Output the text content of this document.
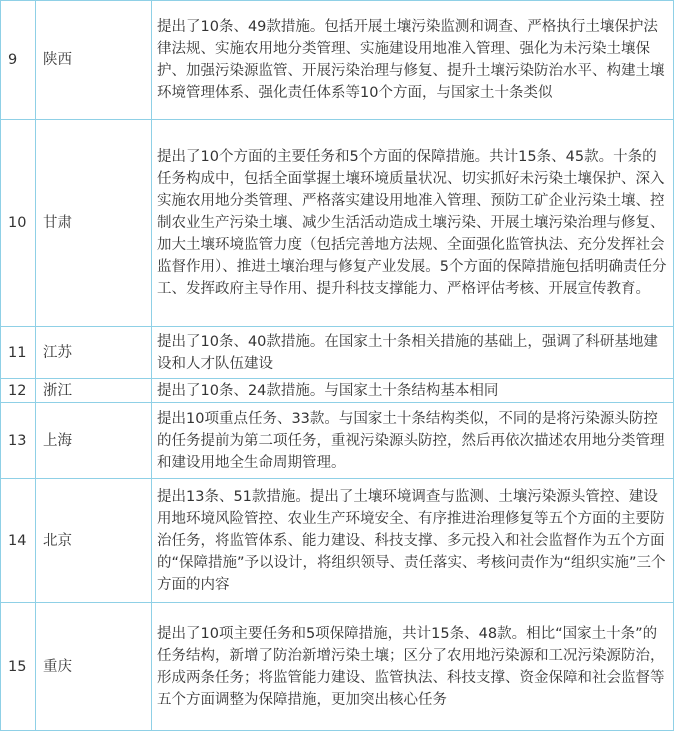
9	陕西	提出了10条、49款措施。包括开展土壤污染监测和调查、严格执行土壤保护法律法规、实施农用地分类管理、实施建设用地准入管理、强化为未污染土壤保护、加强污染源监管、开展污染治理与修复、提升土壤污染防治水平、构建土壤环境管理体系、强化责任体系等10个方面，与国家土十条类似
10	甘肃	提出了10个方面的主要任务和5个方面的保障措施。共计15条、45款。十条的任务构成中，包括全面掌握土壤环境质量状况、切实抓好未污染土壤保护、深入实施农用地分类管理、严格落实建设用地准入管理、预防工矿企业污染土壤、控制农业生产污染土壤、减少生活活动造成土壤污染、开展土壤污染治理与修复、加大土壤环境监管力度（包括完善地方法规、全面强化监管执法、充分发挥社会监督作用）、推进土壤治理与修复产业发展。5个方面的保障措施包括明确责任分工、发挥政府主导作用、提升科技支撑能力、严格评估考核、开展宣传教育。
11	江苏	提出了10条、40款措施。在国家土十条相关措施的基础上，强调了科研基地建设和人才队伍建设
12	浙江	提出了10条、24款措施。与国家土十条结构基本相同
13	上海	提出10项重点任务、33款。与国家土十条结构类似，不同的是将污染源头防控的任务提前为第二项任务，重视污染源头防控，然后再依次描述农用地分类管理和建设用地全生命周期管理。
14	北京	提出13条、51款措施。提出了土壤环境调查与监测、土壤污染源头管控、建设用地环境风险管控、农业生产环境安全、有序推进治理修复等五个方面的主要防治任务，将监管体系、能力建设、科技支撑、多元投入和社会监督作为五个方面的“保障措施”予以设计，将组织领导、责任落实、考核问责作为“组织实施”三个方面的内容
15	重庆	提出了10项主要任务和5项保障措施，共计15条、48款。相比“国家土十条”的任务结构，新增了防治新增污染土壤；区分了农用地污染源和工况污染源防治，形成两条任务；将监管能力建设、监管执法、科技支撑、资金保障和社会监督等五个方面调整为保障措施，更加突出核心任务
